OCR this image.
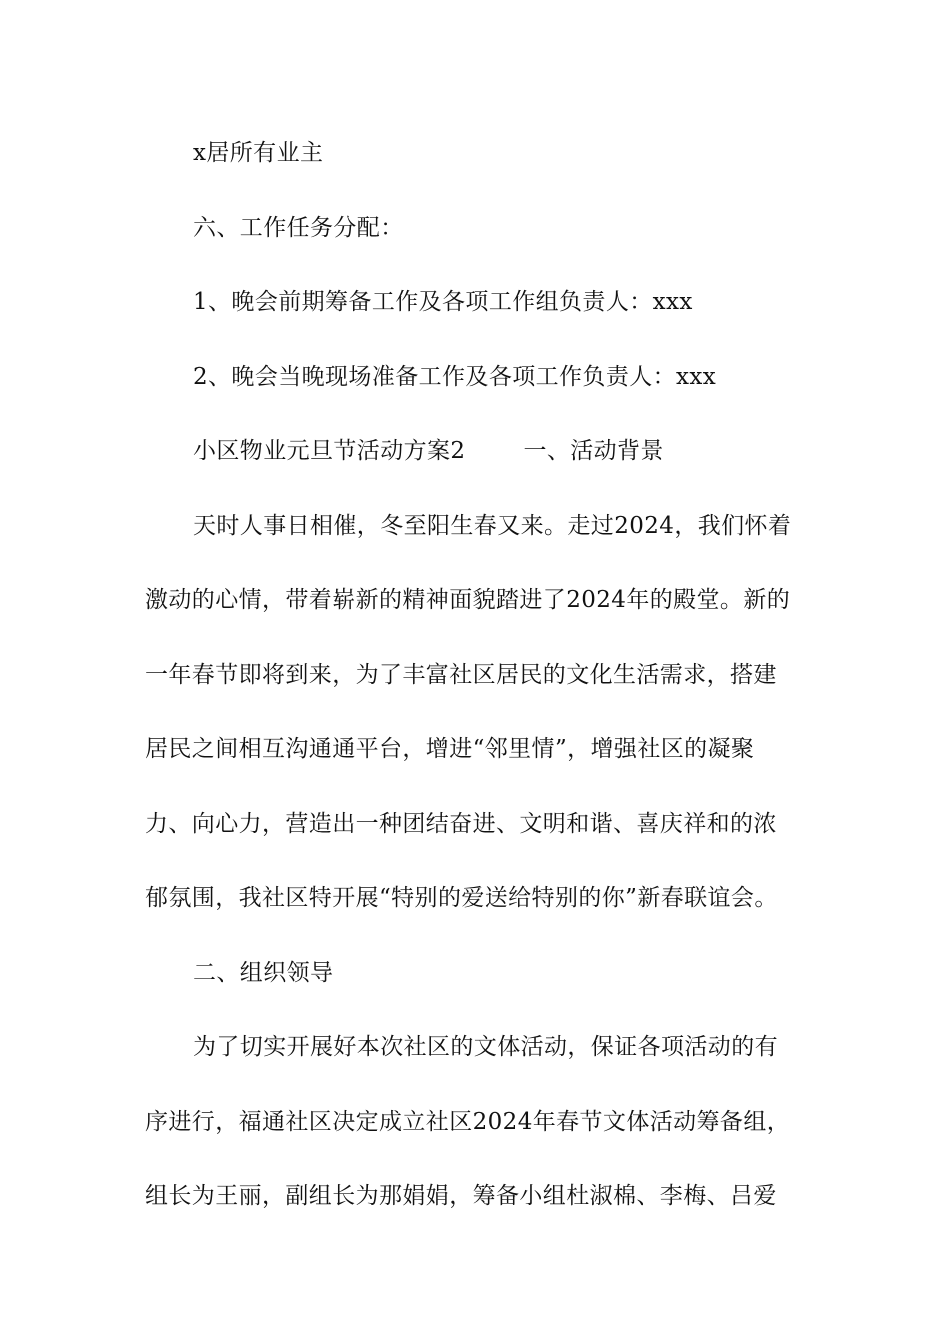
x居所有业主
六、工作任务分配：
1、晚会前期筹备工作及各项工作组负责人：xxx
2、晚会当晚现场准备工作及各项工作负责人：xxx
小区物业元旦节活动方案2	一、活动背景
天时人事日相催，冬至阳生春又来。走过2024，我们怀着
激动的心情，带着崭新的精神面貌踏进了2024年的殿堂。新的
一年春节即将到来，为了丰富社区居民的文化生活需求，搭建
居民之间相互沟通通平台，增进“邻里情”，增强社区的凝聚
力、向心力，营造出一种团结奋进、文明和谐、喜庆祥和的浓
郁氛围，我社区特开展“特别的爱送给特别的你”新春联谊会。
二、组织领导
为了切实开展好本次社区的文体活动，保证各项活动的有
序进行，福通社区决定成立社区2024年春节文体活动筹备组，
组长为王丽，副组长为那娟娟，筹备小组杜淑棉、李梅、吕爱
